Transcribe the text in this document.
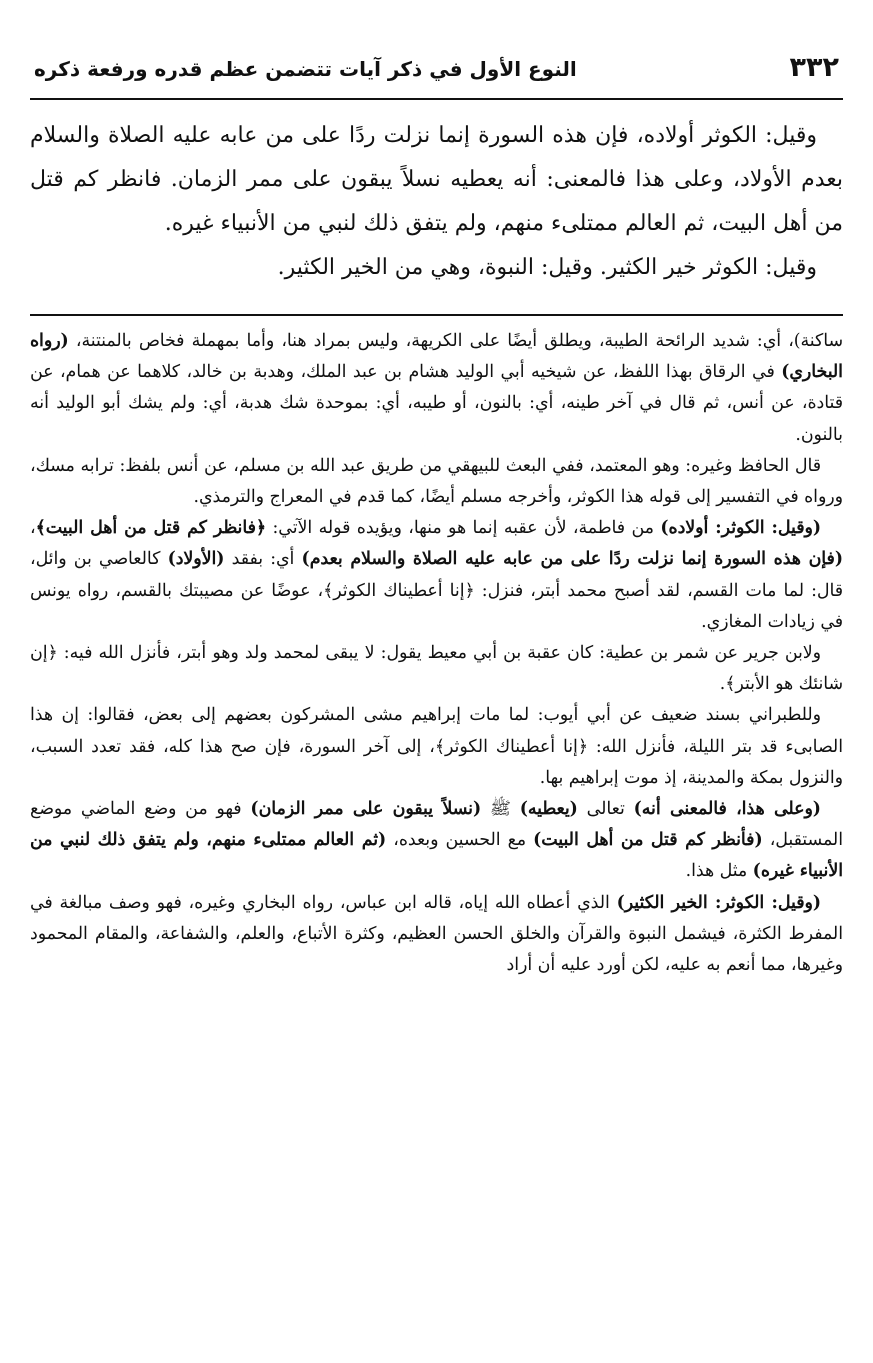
٣٣٢
النوع الأول في ذكر آيات تتضمن عظم قدره ورفعة ذكره

وقيل: الكوثر أولاده، فإن هذه السورة إنما نزلت ردًا على من عابه عليه الصلاة والسلام بعدم الأولاد، وعلى هذا فالمعنى: أنه يعطيه نسلاً يبقون على ممر الزمان. فانظر كم قتل من أهل البيت، ثم العالم ممتلىء منهم، ولم يتفق ذلك لنبي من الأنبياء غيره.

وقيل: الكوثر خير الكثير. وقيل: النبوة، وهي من الخير الكثير.

ساكنة)، أي: شديد الرائحة الطيبة، ويطلق أيضًا على الكريهة، وليس بمراد هنا، وأما بمهملة فخاص بالمنتنة، (رواه البخاري) في الرقاق بهذا اللفظ، عن شيخيه أبي الوليد هشام بن عبد الملك، وهدبة بن خالد، كلاهما عن همام، عن قتادة، عن أنس، ثم قال في آخر طينه، أي: بالنون، أو طيبه، أي: بموحدة شك هدبة، أي: ولم يشك أبو الوليد أنه بالنون.

قال الحافظ وغيره: وهو المعتمد، ففي البعث للبيهقي من طريق عبد الله بن مسلم، عن أنس بلفظ: ترابه مسك، ورواه في التفسير إلى قوله هذا الكوثر، وأخرجه مسلم أيضًا، كما قدم في المعراج والترمذي.

(وقيل: الكوثر: أولاده) من فاطمة، لأن عقبه إنما هو منها، ويؤيده قوله الآتي: ﴿فانظر كم قتل من أهل البيت﴾، (فإن هذه السورة إنما نزلت ردًا على من عابه عليه الصلاة والسلام بعدم) أي: بفقد (الأولاد) كالعاصي بن وائل، قال: لما مات القسم، لقد أصبح محمد أبتر، فنزل: ﴿إنا أعطيناك الكوثر﴾، عوضًا عن مصيبتك بالقسم، رواه يونس في زيادات المغازي.

ولابن جرير عن شمر بن عطية: كان عقبة بن أبي معيط يقول: لا يبقى لمحمد ولد وهو أبتر، فأنزل الله فيه: ﴿إن شانئك هو الأبتر﴾.

وللطبراني بسند ضعيف عن أبي أيوب: لما مات إبراهيم مشى المشركون بعضهم إلى بعض، فقالوا: إن هذا الصابىء قد بتر الليلة، فأنزل الله: ﴿إنا أعطيناك الكوثر﴾، إلى آخر السورة، فإن صح هذا كله، فقد تعدد السبب، والنزول بمكة والمدينة، إذ موت إبراهيم بها.

(وعلى هذا، فالمعنى أنه) تعالى (يعطيه) ﷺ (نسلاً يبقون على ممر الزمان) فهو من وضع الماضي موضع المستقبل، (فأنظر كم قتل من أهل البيت) مع الحسين وبعده، (ثم العالم ممتلىء منهم، ولم يتفق ذلك لنبي من الأنبياء غيره) مثل هذا.

(وقيل: الكوثر: الخير الكثير) الذي أعطاه الله إياه، قاله ابن عباس، رواه البخاري وغيره، فهو وصف مبالغة في المفرط الكثرة، فيشمل النبوة والقرآن والخلق الحسن العظيم، وكثرة الأتباع، والعلم، والشفاعة، والمقام المحمود وغيرها، مما أنعم به عليه، لكن أورد عليه أن أراد
